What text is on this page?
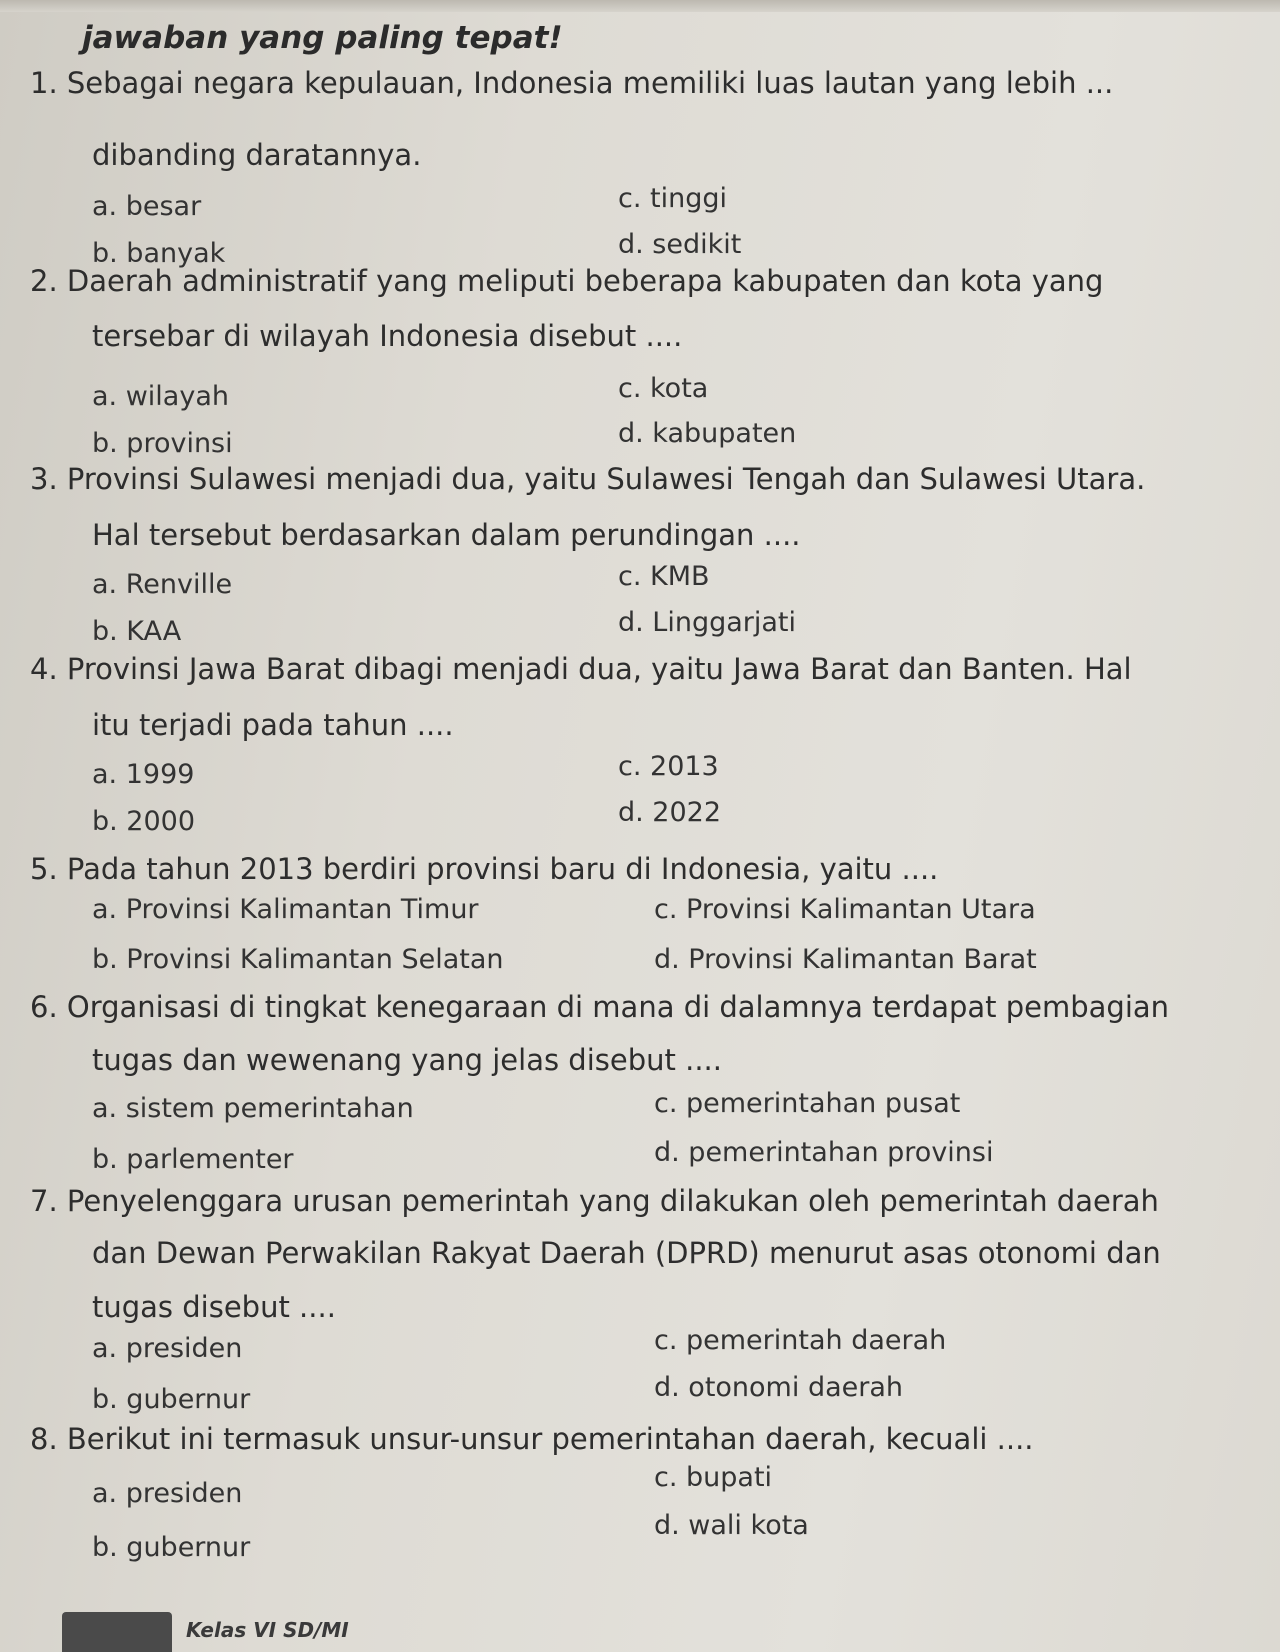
jawaban yang paling tepat!
1. Sebagai negara kepulauan, Indonesia memiliki luas lautan yang lebih ...
dibanding daratannya.
a. besar	c. tinggi
b. banyak	d. sedikit
2. Daerah administratif yang meliputi beberapa kabupaten dan kota yang
tersebar di wilayah Indonesia disebut ....
a. wilayah	c. kota
b. provinsi	d. kabupaten
3. Provinsi Sulawesi menjadi dua, yaitu Sulawesi Tengah dan Sulawesi Utara.
Hal tersebut berdasarkan dalam perundingan ....
a. Renville	c. KMB
b. KAA	d. Linggarjati
4. Provinsi Jawa Barat dibagi menjadi dua, yaitu Jawa Barat dan Banten. Hal
itu terjadi pada tahun ....
a. 1999	c. 2013
b. 2000	d. 2022
5. Pada tahun 2013 berdiri provinsi baru di Indonesia, yaitu ....
a. Provinsi Kalimantan Timur	c. Provinsi Kalimantan Utara
b. Provinsi Kalimantan Selatan	d. Provinsi Kalimantan Barat
6. Organisasi di tingkat kenegaraan di mana di dalamnya terdapat pembagian
tugas dan wewenang yang jelas disebut ....
a. sistem pemerintahan	c. pemerintahan pusat
b. parlementer	d. pemerintahan provinsi
7. Penyelenggara urusan pemerintah yang dilakukan oleh pemerintah daerah
dan Dewan Perwakilan Rakyat Daerah (DPRD) menurut asas otonomi dan
tugas disebut ....
a. presiden	c. pemerintah daerah
b. gubernur	d. otonomi daerah
8. Berikut ini termasuk unsur-unsur pemerintahan daerah, kecuali ....
a. presiden
c. bupati
b. gubernur
d. wali kota
Kelas VI SD/MI
